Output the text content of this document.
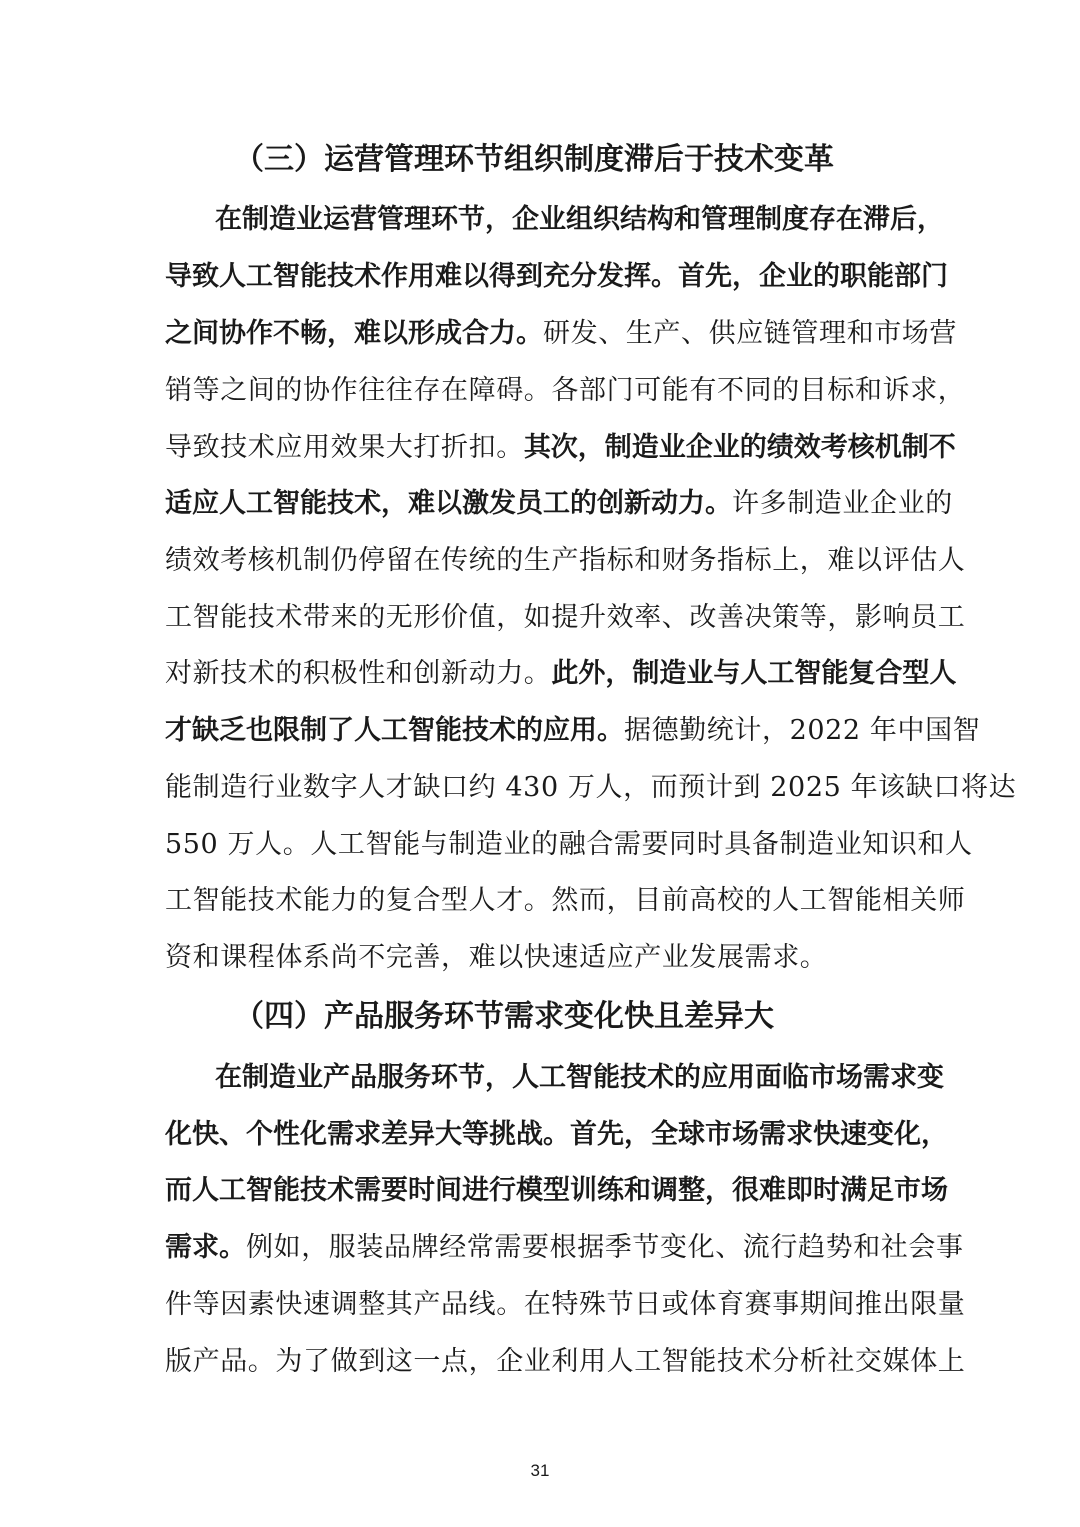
（三）运营管理环节组织制度滞后于技术变革
在制造业运营管理环节，企业组织结构和管理制度存在滞后，
导致人工智能技术作用难以得到充分发挥。首先，企业的职能部门
之间协作不畅，难以形成合力。研发、生产、供应链管理和市场营
销等之间的协作往往存在障碍。各部门可能有不同的目标和诉求，
导致技术应用效果大打折扣。其次，制造业企业的绩效考核机制不
适应人工智能技术，难以激发员工的创新动力。许多制造业企业的
绩效考核机制仍停留在传统的生产指标和财务指标上，难以评估人
工智能技术带来的无形价值，如提升效率、改善决策等，影响员工
对新技术的积极性和创新动力。此外，制造业与人工智能复合型人
才缺乏也限制了人工智能技术的应用。据德勤统计，2022 年中国智
能制造行业数字人才缺口约 430 万人，而预计到 2025 年该缺口将达
550 万人。人工智能与制造业的融合需要同时具备制造业知识和人
工智能技术能力的复合型人才。然而，目前高校的人工智能相关师
资和课程体系尚不完善，难以快速适应产业发展需求。
（四）产品服务环节需求变化快且差异大
在制造业产品服务环节，人工智能技术的应用面临市场需求变
化快、个性化需求差异大等挑战。首先，全球市场需求快速变化，
而人工智能技术需要时间进行模型训练和调整，很难即时满足市场
需求。例如，服装品牌经常需要根据季节变化、流行趋势和社会事
件等因素快速调整其产品线。在特殊节日或体育赛事期间推出限量
版产品。为了做到这一点，企业利用人工智能技术分析社交媒体上
31
